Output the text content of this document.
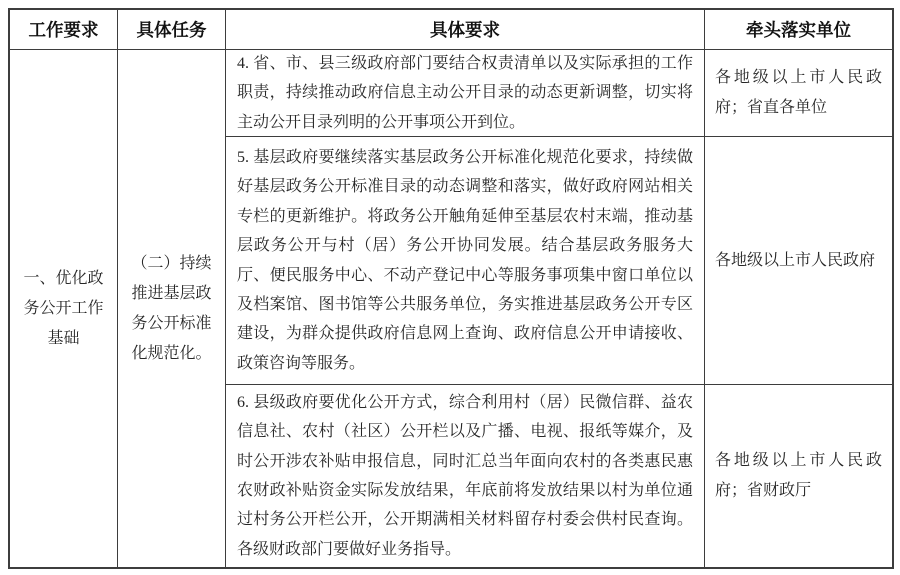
工作要求 具体任务	具体要求	牵头落实单位
一、优化政务公开工作基础
（二）持续推进基层政务公开标准化规范化。
4. 省、市、县三级政府部门要结合权责清单以及实际承担的工作职责，持续推动政府信息主动公开目录的动态更新调整，切实将主动公开目录列明的公开事项公开到位。
各地级以上市人民政府；省直各单位
5. 基层政府要继续落实基层政务公开标准化规范化要求，持续做好基层政务公开标准目录的动态调整和落实，做好政府网站相关专栏的更新维护。将政务公开触角延伸至基层农村末端，推动基层政务公开与村（居）务公开协同发展。结合基层政务服务大厅、便民服务中心、不动产登记中心等服务事项集中窗口单位以及档案馆、图书馆等公共服务单位，务实推进基层政务公开专区建设，为群众提供政府信息网上查询、政府信息公开申请接收、政策咨询等服务。
各地级以上市人民政府
6. 县级政府要优化公开方式，综合利用村（居）民微信群、益农信息社、农村（社区）公开栏以及广播、电视、报纸等媒介，及时公开涉农补贴申报信息，同时汇总当年面向农村的各类惠民惠农财政补贴资金实际发放结果，年底前将发放结果以村为单位通过村务公开栏公开，公开期满相关材料留存村委会供村民查询。各级财政部门要做好业务指导。
各地级以上市人民政府；省财政厅
